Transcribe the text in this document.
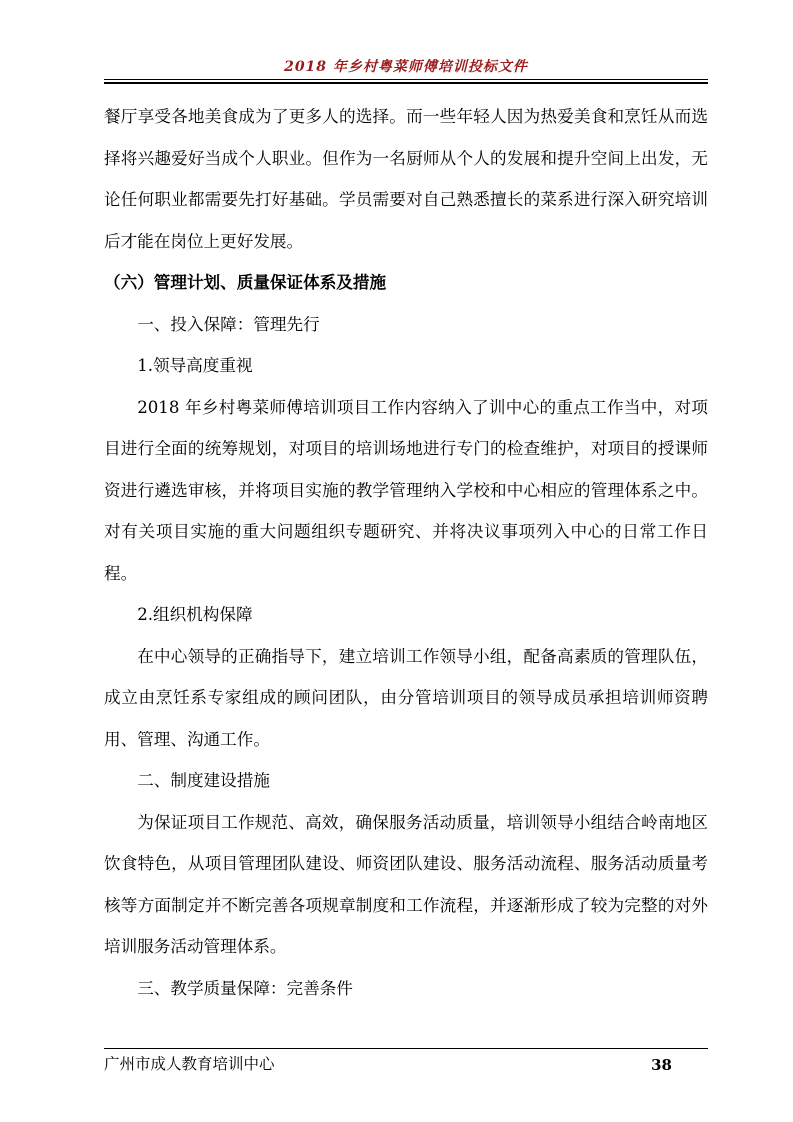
2018 年乡村粤菜师傅培训投标文件

餐厅享受各地美食成为了更多人的选择。而一些年轻人因为热爱美食和烹饪从而选择将兴趣爱好当成个人职业。但作为一名厨师从个人的发展和提升空间上出发，无论任何职业都需要先打好基础。学员需要对自己熟悉擅长的菜系进行深入研究培训后才能在岗位上更好发展。

（六）管理计划、质量保证体系及措施

一、投入保障：管理先行

1.领导高度重视

2018 年乡村粤菜师傅培训项目工作内容纳入了训中心的重点工作当中，对项目进行全面的统筹规划，对项目的培训场地进行专门的检查维护，对项目的授课师资进行遴选审核，并将项目实施的教学管理纳入学校和中心相应的管理体系之中。对有关项目实施的重大问题组织专题研究、并将决议事项列入中心的日常工作日程。

2.组织机构保障

在中心领导的正确指导下，建立培训工作领导小组，配备高素质的管理队伍，成立由烹饪系专家组成的顾问团队，由分管培训项目的领导成员承担培训师资聘用、管理、沟通工作。

二、制度建设措施

为保证项目工作规范、高效，确保服务活动质量，培训领导小组结合岭南地区饮食特色，从项目管理团队建设、师资团队建设、服务活动流程、服务活动质量考核等方面制定并不断完善各项规章制度和工作流程，并逐渐形成了较为完整的对外培训服务活动管理体系。

三、教学质量保障：完善条件

广州市成人教育培训中心	38
